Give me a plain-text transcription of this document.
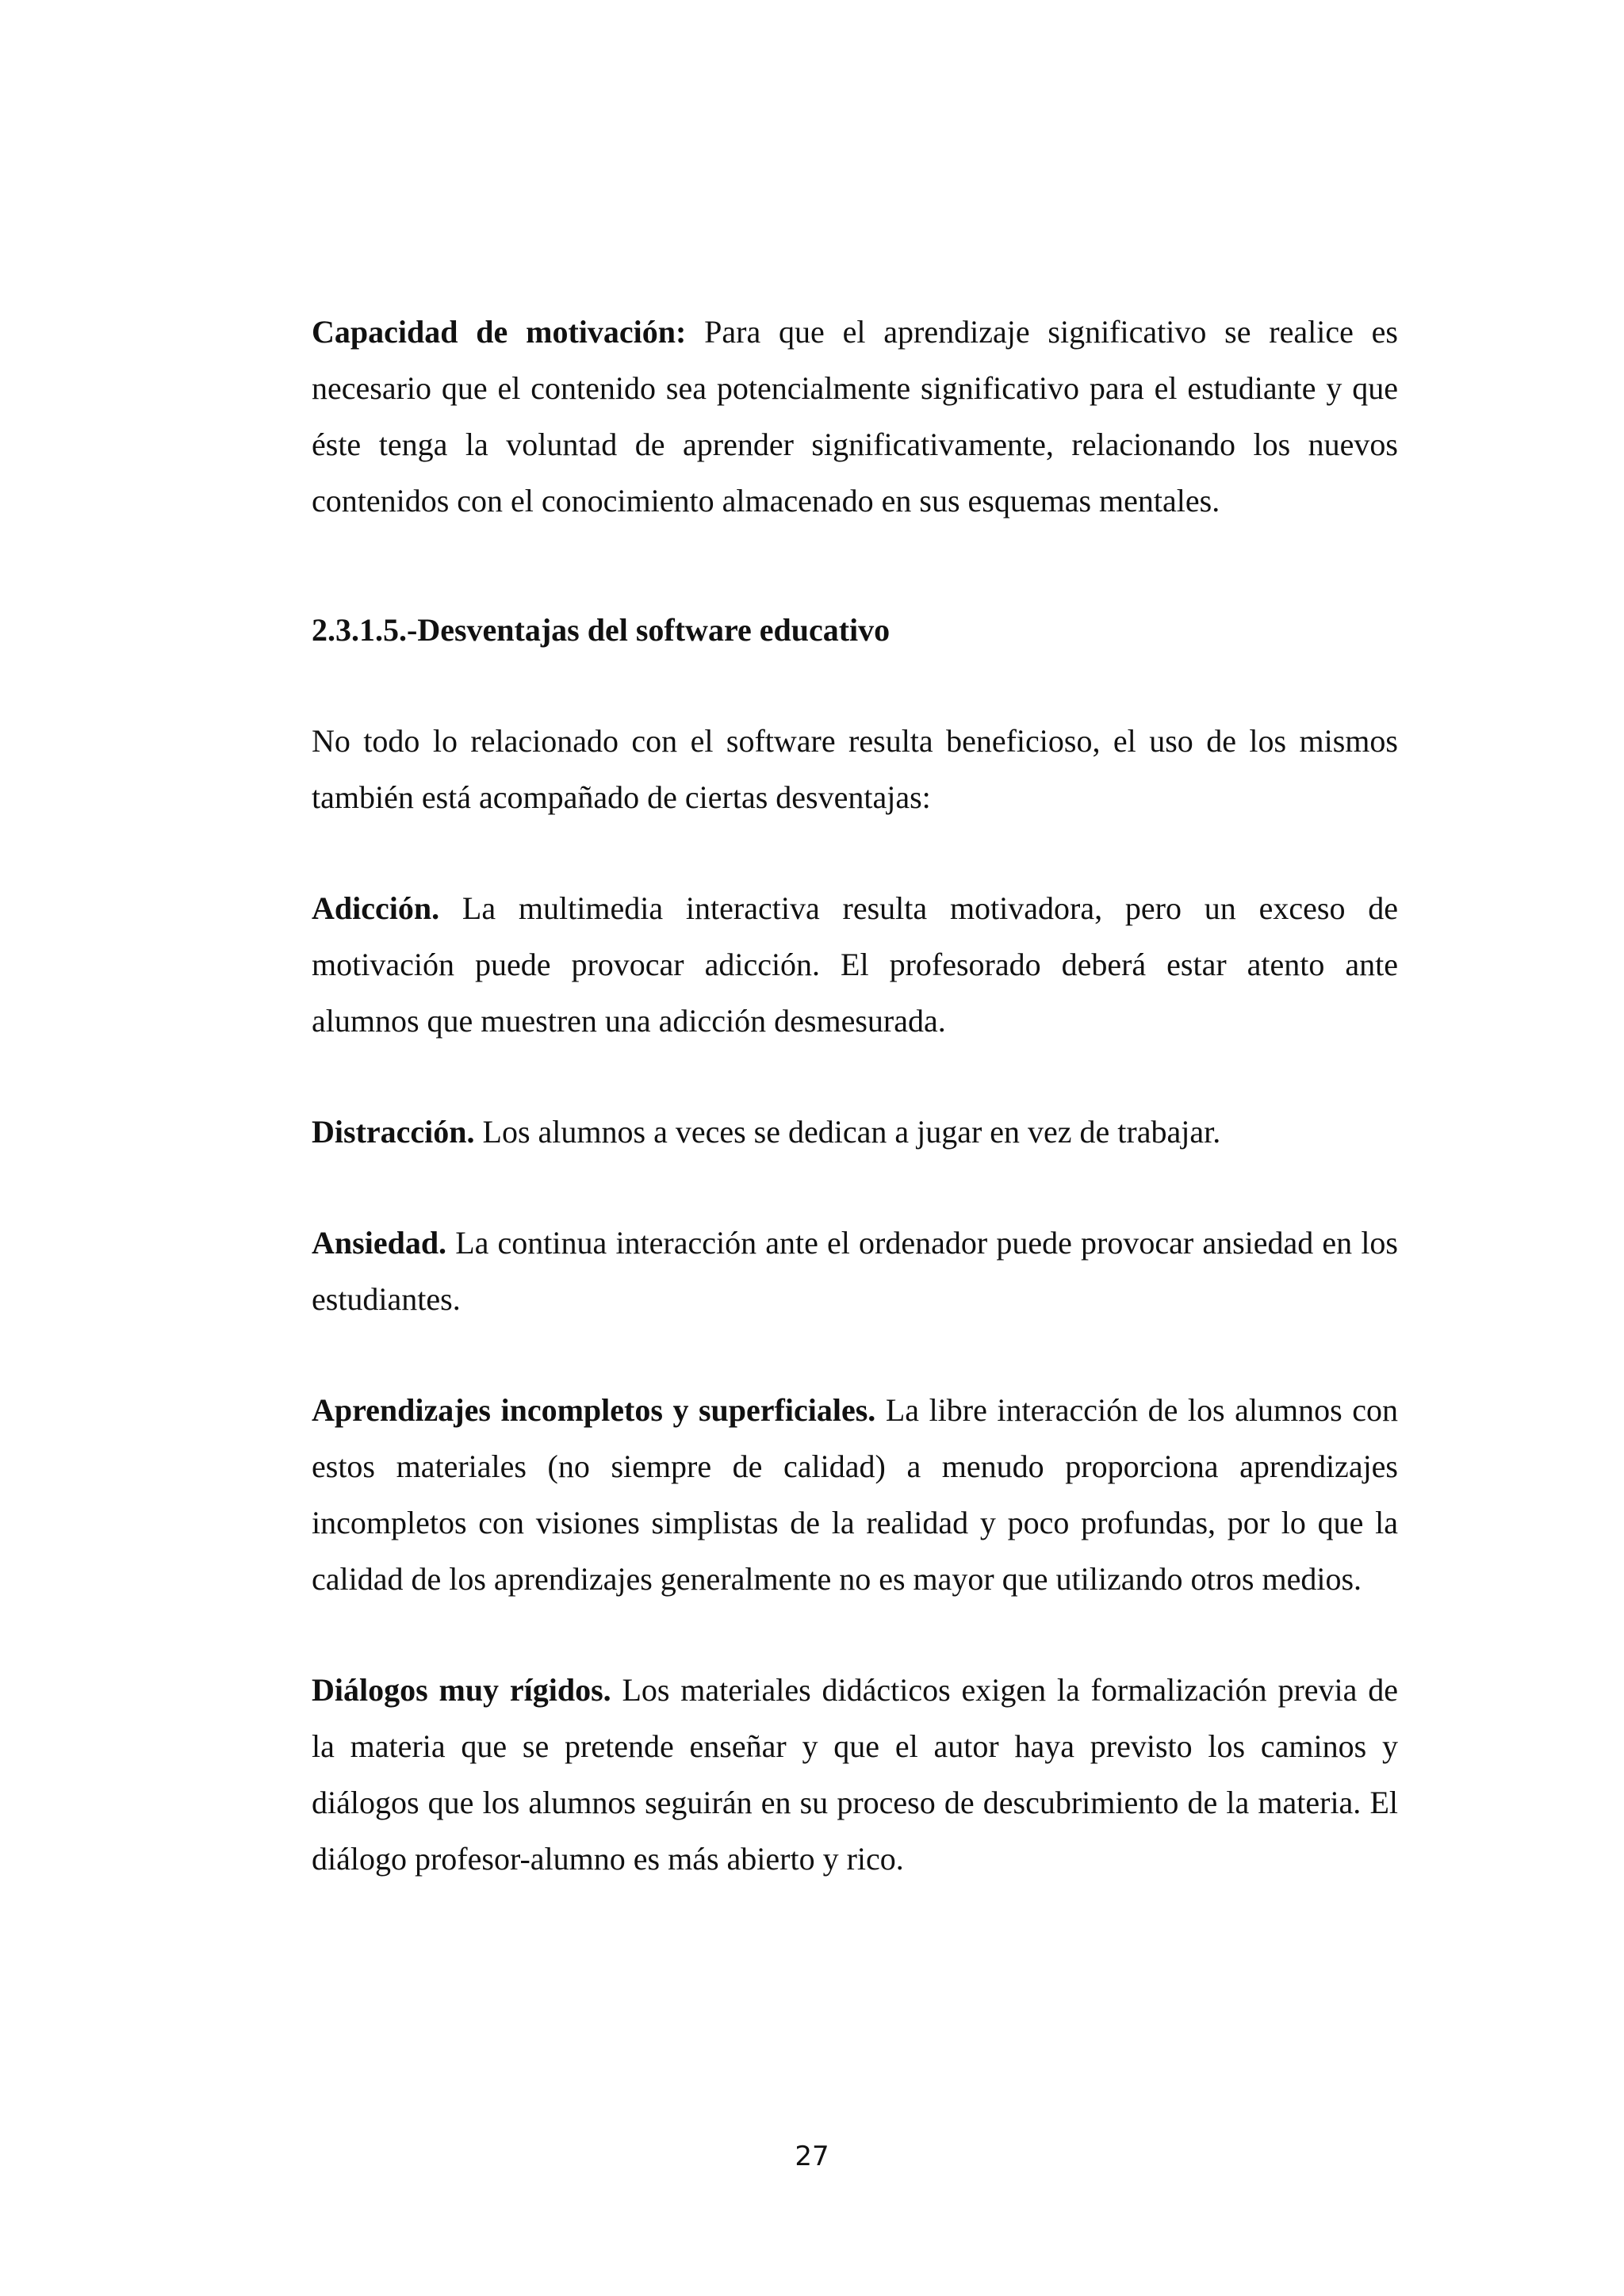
Capacidad de motivación: Para que el aprendizaje significativo se realice es necesario que el contenido sea potencialmente significativo para el estudiante y que éste tenga la voluntad de aprender significativamente, relacionando los nuevos contenidos con el conocimiento almacenado en sus esquemas mentales.

2.3.1.5.-Desventajas del software educativo

No todo lo relacionado con el software resulta beneficioso, el uso de los mismos también está acompañado de ciertas desventajas:

Adicción. La multimedia interactiva resulta motivadora, pero un exceso de motivación puede provocar adicción. El profesorado deberá estar atento ante alumnos que muestren una adicción desmesurada.

Distracción. Los alumnos a veces se dedican a jugar en vez de trabajar.

Ansiedad. La continua interacción ante el ordenador puede provocar ansiedad en los estudiantes.

Aprendizajes incompletos y superficiales. La libre interacción de los alumnos con estos materiales (no siempre de calidad) a menudo proporciona aprendizajes incompletos con visiones simplistas de la realidad y poco profundas, por lo que la calidad de los aprendizajes generalmente no es mayor que utilizando otros medios.

Diálogos muy rígidos. Los materiales didácticos exigen la formalización previa de la materia que se pretende enseñar y que el autor haya previsto los caminos y diálogos que los alumnos seguirán en su proceso de descubrimiento de la materia. El diálogo profesor-alumno es más abierto y rico.

27
